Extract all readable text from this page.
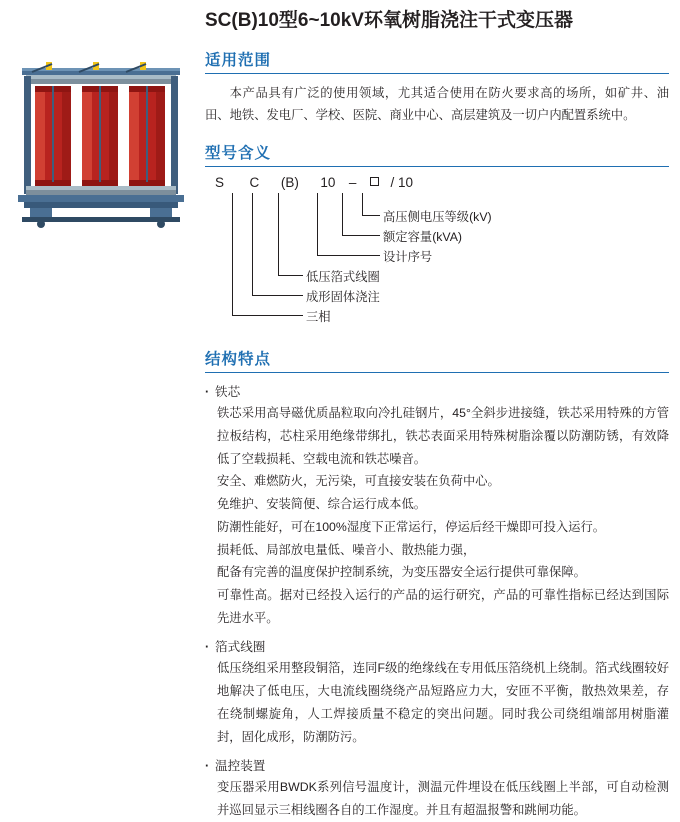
SC(B)10型6~10kV环氧树脂浇注干式变压器
适用范围

本产品具有广泛的使用领域，尤其适合使用在防火要求高的场所，如矿井、油田、地铁、发电厂、学校、医院、商业中心、高层建筑及一切户内配置系统中。

型号含义
S C (B) 10 –	/ 10
高压侧电压等级(kV)
额定容量(kVA)
设计序号
低压箔式线圈
成形固体浇注
三相
结构特点
· 铁芯

铁芯采用高导磁优质晶粒取向冷扎硅钢片，45°全斜步进接缝，铁芯采用特殊的方管拉板结构，芯柱采用绝缘带绑扎，铁芯表面采用特殊树脂涂覆以防潮防锈，有效降低了空载损耗、空载电流和铁芯噪音。

安全、难燃防火，无污染，可直接安装在负荷中心。

免维护、安装简便、综合运行成本低。

防潮性能好，可在100%湿度下正常运行，停运后经干燥即可投入运行。

损耗低、局部放电量低、噪音小、散热能力强，

配备有完善的温度保护控制系统，为变压器安全运行提供可靠保障。

可靠性高。据对已经投入运行的产品的运行研究，产品的可靠性指标已经达到国际先进水平。

· 箔式线圈

低压绕组采用整段铜箔，连同F级的绝缘线在专用低压箔绕机上绕制。箔式线圈较好地解决了低电压，大电流线圈绕绕产品短路应力大，安匝不平衡，散热效果差，存在绕制螺旋角，人工焊接质量不稳定的突出问题。同时我公司绕组端部用树脂灌封，固化成形，防潮防污。

· 温控装置

变压器采用BWDK系列信号温度计，测温元件埋设在低压线圈上半部，可自动检测并巡回显示三相线圈各自的工作湿度。并且有超温报警和跳闸功能。
